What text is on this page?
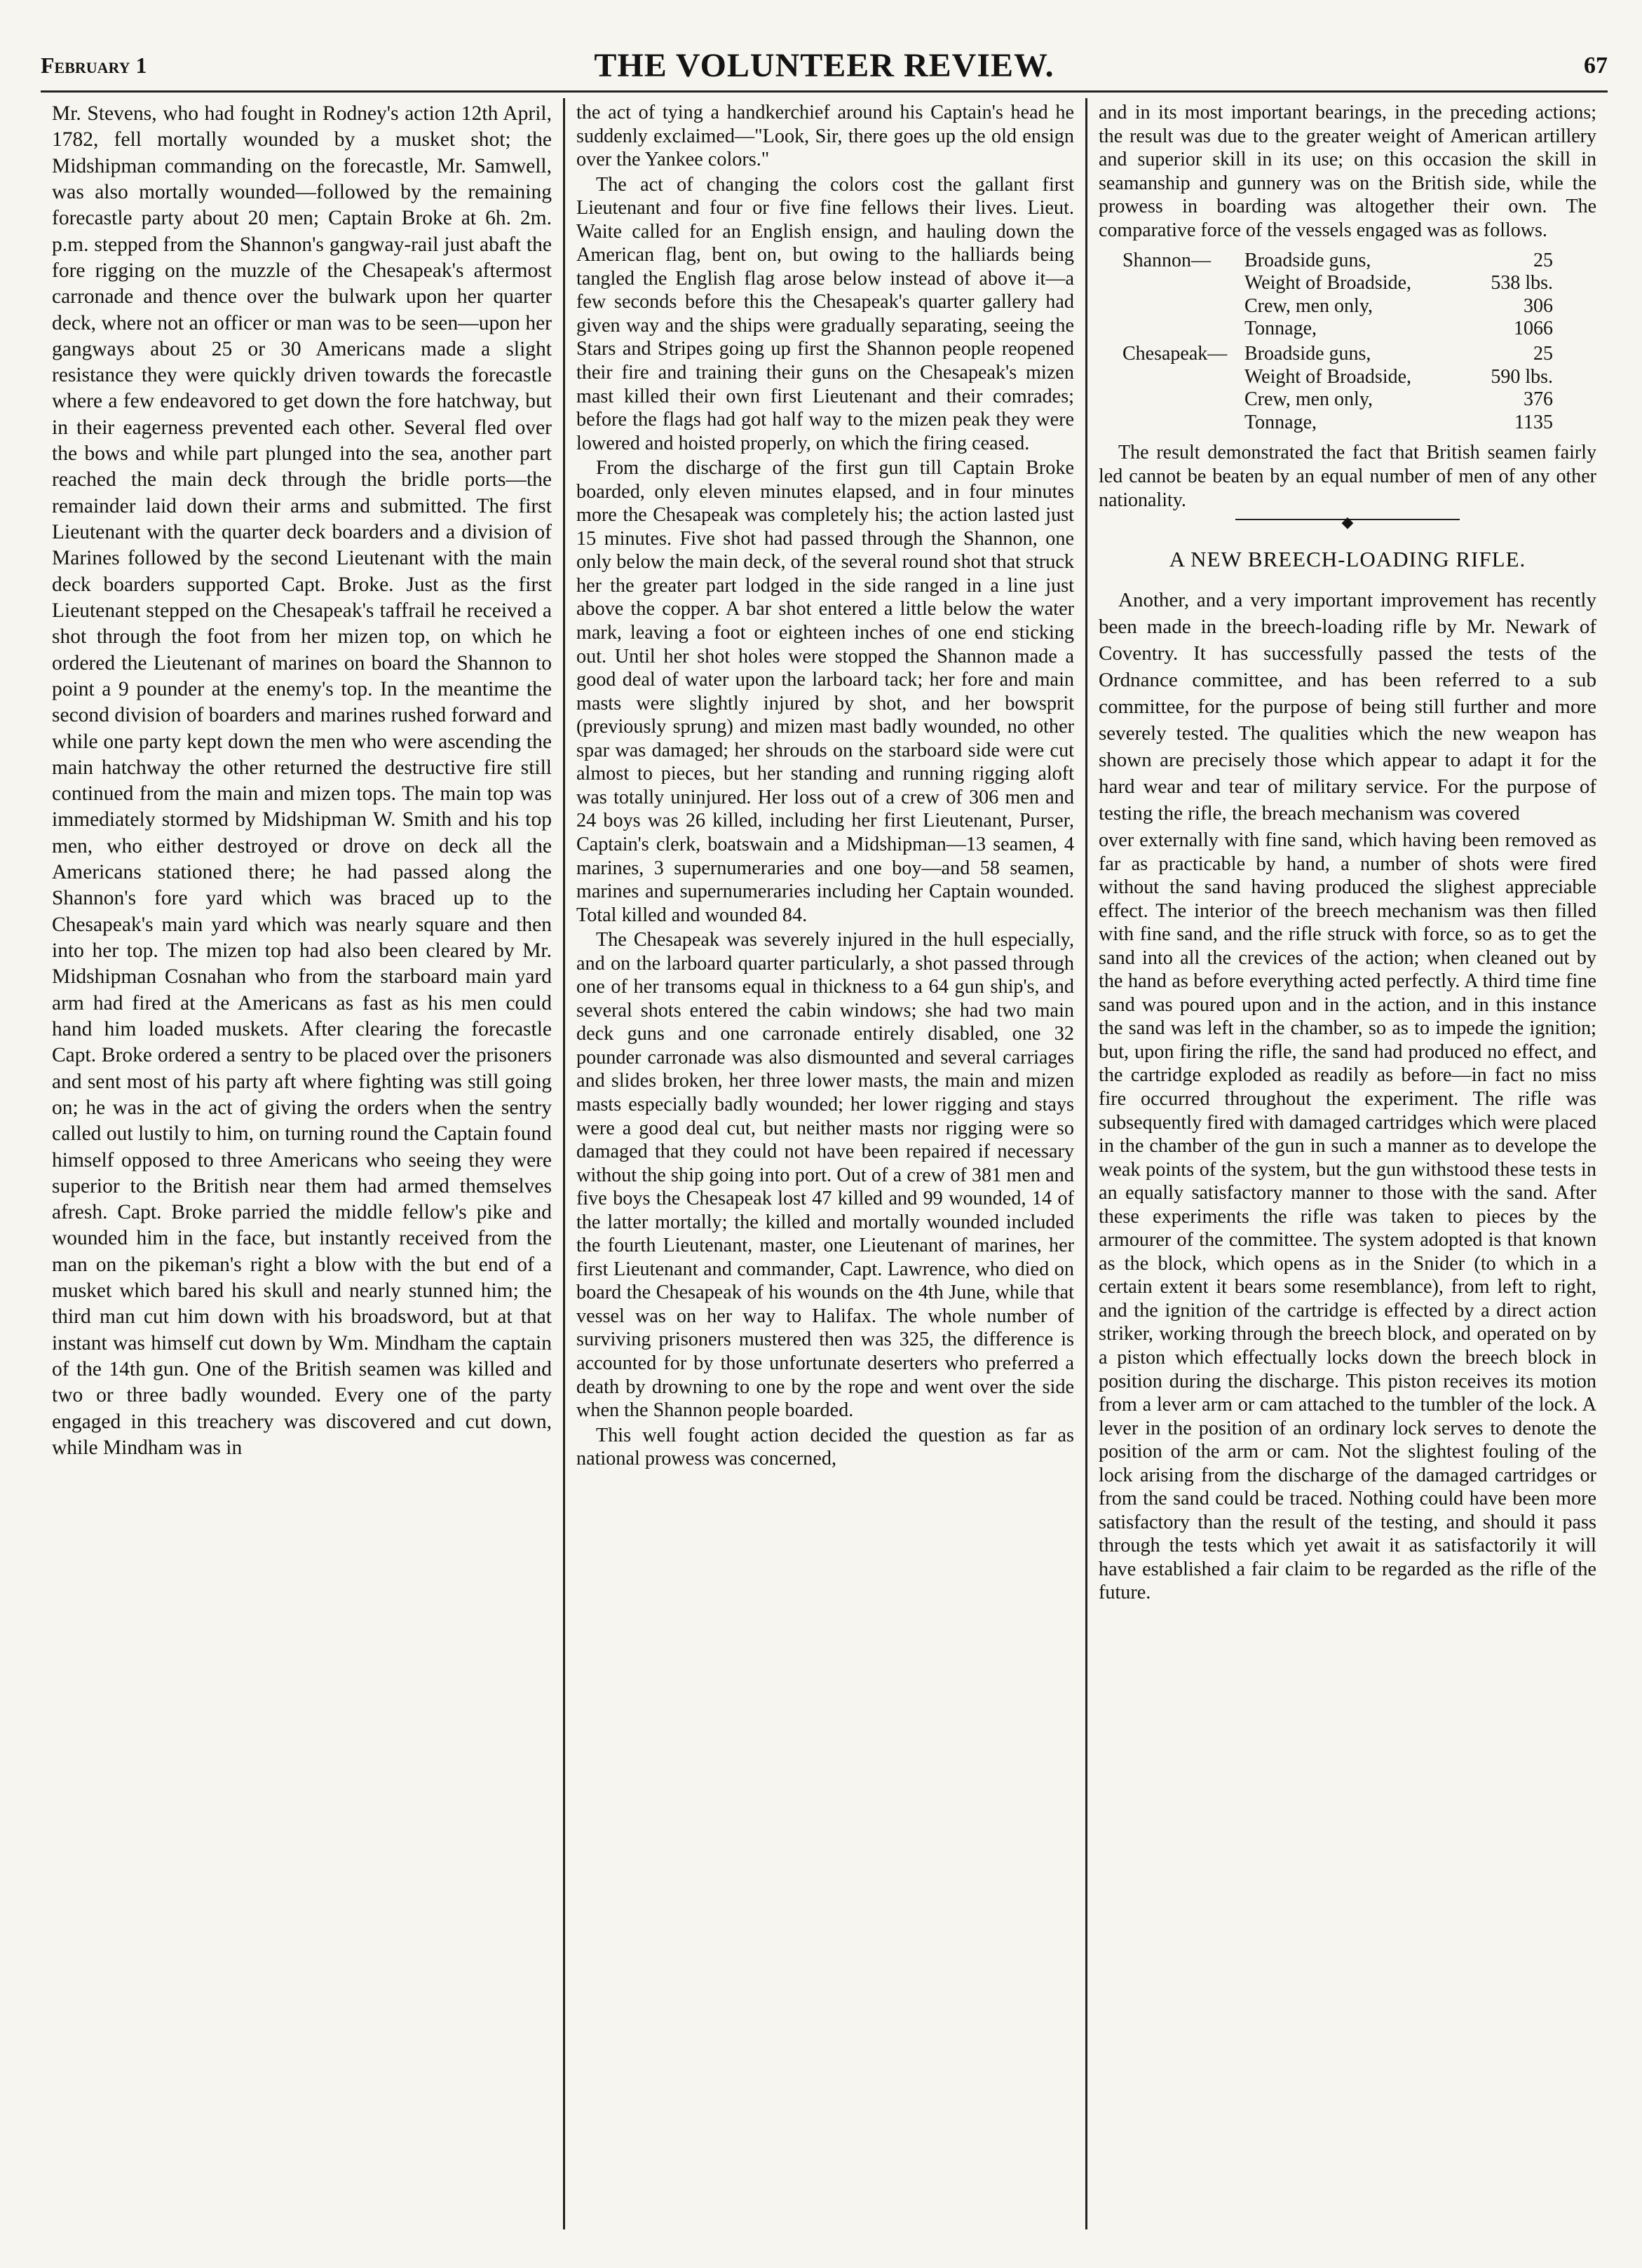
February 1	THE VOLUNTEER REVIEW.	67

Mr. Stevens, who had fought in Rodney's action 12th April, 1782, fell mortally wounded by a musket shot; the Midshipman commanding on the forecastle, Mr. Samwell, was also mortally wounded—followed by the remaining forecastle party about 20 men; Captain Broke at 6h. 2m. p.m. stepped from the Shannon's gangway-rail just abaft the fore rigging on the muzzle of the Chesapeak's aftermost carronade and thence over the bulwark upon her quarter deck, where not an officer or man was to be seen—upon her gangways about 25 or 30 Americans made a slight resistance they were quickly driven towards the forecastle where a few endeavored to get down the fore hatchway, but in their eagerness prevented each other. Several fled over the bows and while part plunged into the sea, another part reached the main deck through the bridle ports—the remainder laid down their arms and submitted. The first Lieutenant with the quarter deck boarders and a division of Marines followed by the second Lieutenant with the main deck boarders supported Capt. Broke. Just as the first Lieutenant stepped on the Chesapeak's taffrail he received a shot through the foot from her mizen top, on which he ordered the Lieutenant of marines on board the Shannon to point a 9 pounder at the enemy's top. In the meantime the second division of boarders and marines rushed forward and while one party kept down the men who were ascending the main hatchway the other returned the destructive fire still continued from the main and mizen tops. The main top was immediately stormed by Midshipman W. Smith and his top men, who either destroyed or drove on deck all the Americans stationed there; he had passed along the Shannon's fore yard which was braced up to the Chesapeak's main yard which was nearly square and then into her top. The mizen top had also been cleared by Mr. Midshipman Cosnahan who from the starboard main yard arm had fired at the Americans as fast as his men could hand him loaded muskets. After clearing the forecastle Capt. Broke ordered a sentry to be placed over the prisoners and sent most of his party aft where fighting was still going on; he was in the act of giving the orders when the sentry called out lustily to him, on turning round the Captain found himself opposed to three Americans who seeing they were superior to the British near them had armed themselves afresh. Capt. Broke parried the middle fellow's pike and wounded him in the face, but instantly received from the man on the pikeman's right a blow with the but end of a musket which bared his skull and nearly stunned him; the third man cut him down with his broadsword, but at that instant was himself cut down by Wm. Mindham the captain of the 14th gun. One of the British seamen was killed and two or three badly wounded. Every one of the party engaged in this treachery was discovered and cut down, while Mindham was in

the act of tying a handkerchief around his Captain's head he suddenly exclaimed—"Look, Sir, there goes up the old ensign over the Yankee colors."

The act of changing the colors cost the gallant first Lieutenant and four or five fine fellows their lives. Lieut. Waite called for an English ensign, and hauling down the American flag, bent on, but owing to the halliards being tangled the English flag arose below instead of above it—a few seconds before this the Chesapeak's quarter gallery had given way and the ships were gradually separating, seeing the Stars and Stripes going up first the Shannon people reopened their fire and training their guns on the Chesapeak's mizen mast killed their own first Lieutenant and their comrades; before the flags had got half way to the mizen peak they were lowered and hoisted properly, on which the firing ceased.

From the discharge of the first gun till Captain Broke boarded, only eleven minutes elapsed, and in four minutes more the Chesapeak was completely his; the action lasted just 15 minutes. Five shot had passed through the Shannon, one only below the main deck, of the several round shot that struck her the greater part lodged in the side ranged in a line just above the copper. A bar shot entered a little below the water mark, leaving a foot or eighteen inches of one end sticking out. Until her shot holes were stopped the Shannon made a good deal of water upon the larboard tack; her fore and main masts were slightly injured by shot, and her bowsprit (previously sprung) and mizen mast badly wounded, no other spar was damaged; her shrouds on the starboard side were cut almost to pieces, but her standing and running rigging aloft was totally uninjured. Her loss out of a crew of 306 men and 24 boys was 26 killed, including her first Lieutenant, Purser, Captain's clerk, boatswain and a Midshipman—13 seamen, 4 marines, 3 supernumeraries and one boy—and 58 seamen, marines and supernumeraries including her Captain wounded. Total killed and wounded 84.

The Chesapeak was severely injured in the hull especially, and on the larboard quarter particularly, a shot passed through one of her transoms equal in thickness to a 64 gun ship's, and several shots entered the cabin windows; she had two main deck guns and one carronade entirely disabled, one 32 pounder carronade was also dismounted and several carriages and slides broken, her three lower masts, the main and mizen masts especially badly wounded; her lower rigging and stays were a good deal cut, but neither masts nor rigging were so damaged that they could not have been repaired if necessary without the ship going into port. Out of a crew of 381 men and five boys the Chesapeak lost 47 killed and 99 wounded, 14 of the latter mortally; the killed and mortally wounded included the fourth Lieutenant, master, one Lieutenant of marines, her first Lieutenant and commander, Capt. Lawrence, who died on board the Chesapeak of his wounds on the 4th June, while that vessel was on her way to Halifax. The whole number of surviving prisoners mustered then was 325, the difference is accounted for by those unfortunate deserters who preferred a death by drowning to one by the rope and went over the side when the Shannon people boarded.

This well fought action decided the question as far as national prowess was concerned,

and in its most important bearings, in the preceding actions; the result was due to the greater weight of American artillery and superior skill in its use; on this occasion the skill in seamanship and gunnery was on the British side, while the prowess in boarding was altogether their own. The comparative force of the vessels engaged was as follows.

Shannon—	Broadside guns,	25
	Weight of Broadside,	538 lbs.
	Crew, men only,	306
	Tonnage,	1066
Chesapeak—	Broadside guns,	25
	Weight of Broadside,	590 lbs.
	Crew, men only,	376
	Tonnage,	1135

The result demonstrated the fact that British seamen fairly led cannot be beaten by an equal number of men of any other nationality.

◆
A NEW BREECH-LOADING RIFLE.

Another, and a very important improvement has recently been made in the breech-loading rifle by Mr. Newark of Coventry. It has successfully passed the tests of the Ordnance committee, and has been referred to a sub committee, for the purpose of being still further and more severely tested. The qualities which the new weapon has shown are precisely those which appear to adapt it for the hard wear and tear of military service. For the purpose of testing the rifle, the breach mechanism was covered

over externally with fine sand, which having been removed as far as practicable by hand, a number of shots were fired without the sand having produced the slighest appreciable effect. The interior of the breech mechanism was then filled with fine sand, and the rifle struck with force, so as to get the sand into all the crevices of the action; when cleaned out by the hand as before everything acted perfectly. A third time fine sand was poured upon and in the action, and in this instance the sand was left in the chamber, so as to impede the ignition; but, upon firing the rifle, the sand had produced no effect, and the cartridge exploded as readily as before—in fact no miss fire occurred throughout the experiment. The rifle was subsequently fired with damaged cartridges which were placed in the chamber of the gun in such a manner as to develope the weak points of the system, but the gun withstood these tests in an equally satisfactory manner to those with the sand. After these experiments the rifle was taken to pieces by the armourer of the committee. The system adopted is that known as the block, which opens as in the Snider (to which in a certain extent it bears some resemblance), from left to right, and the ignition of the cartridge is effected by a direct action striker, working through the breech block, and operated on by a piston which effectually locks down the breech block in position during the discharge. This piston receives its motion from a lever arm or cam attached to the tumbler of the lock. A lever in the position of an ordinary lock serves to denote the position of the arm or cam. Not the slightest fouling of the lock arising from the discharge of the damaged cartridges or from the sand could be traced. Nothing could have been more satisfactory than the result of the testing, and should it pass through the tests which yet await it as satisfactorily it will have established a fair claim to be regarded as the rifle of the future.
